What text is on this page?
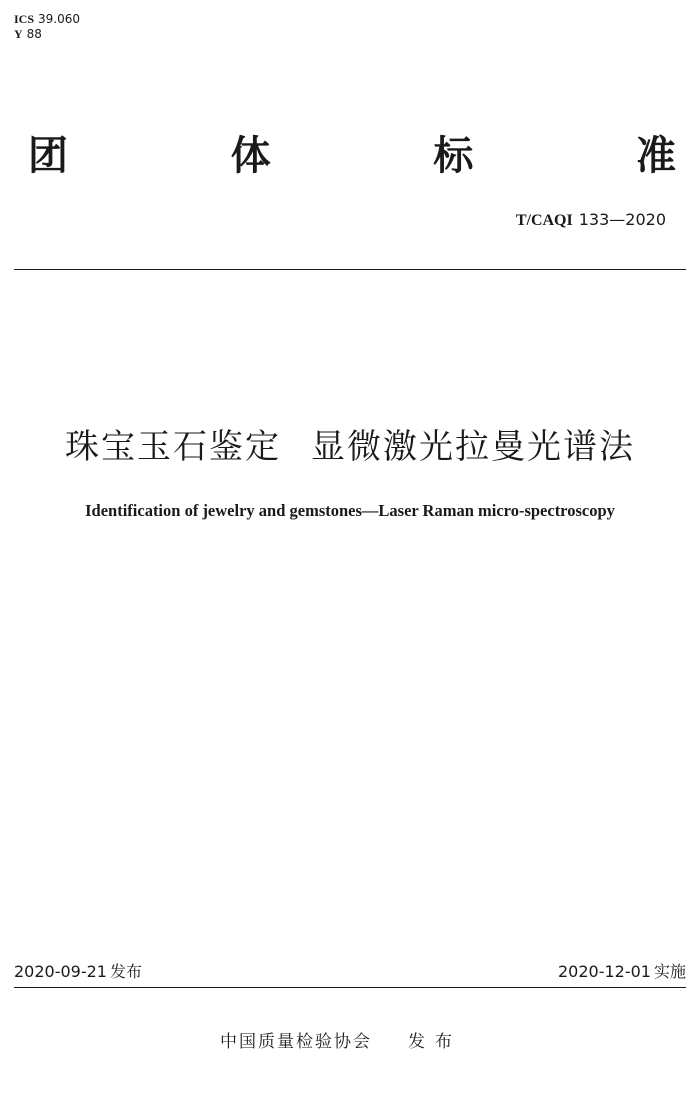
ICS 39.060
Y 88
团	体	标	准
T/CAQI 133—2020
珠宝玉石鉴定 显微激光拉曼光谱法
Identification of jewelry and gemstones—Laser Raman micro-spectroscopy
2020-09-21 发布	2020-12-01 实施
中国质量检验协会 发布
